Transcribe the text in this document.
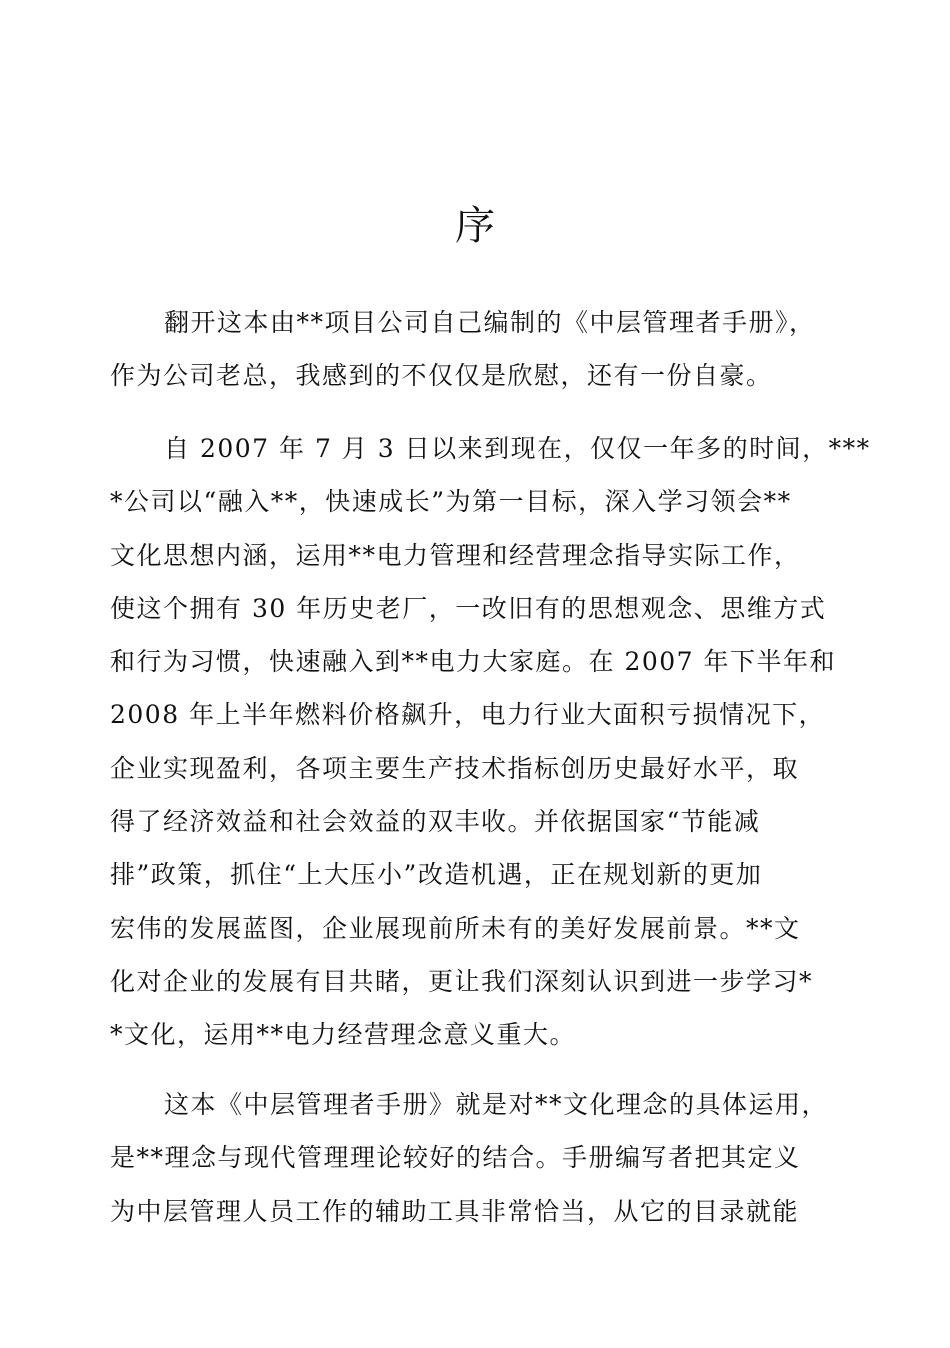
序
翻开这本由**项目公司自己编制的《中层管理者手册》，
作为公司老总，我感到的不仅仅是欣慰，还有一份自豪。
自 2007 年 7 月 3 日以来到现在，仅仅一年多的时间，***
*公司以“融入**，快速成长”为第一目标，深入学习领会**
文化思想内涵，运用**电力管理和经营理念指导实际工作，
使这个拥有 30 年历史老厂，一改旧有的思想观念、思维方式
和行为习惯，快速融入到**电力大家庭。在 2007 年下半年和
2008 年上半年燃料价格飙升，电力行业大面积亏损情况下，
企业实现盈利，各项主要生产技术指标创历史最好水平，取
得了经济效益和社会效益的双丰收。并依据国家“节能减
排”政策，抓住“上大压小”改造机遇，正在规划新的更加
宏伟的发展蓝图，企业展现前所未有的美好发展前景。**文
化对企业的发展有目共睹，更让我们深刻认识到进一步学习*
*文化，运用**电力经营理念意义重大。
这本《中层管理者手册》就是对**文化理念的具体运用，
是**理念与现代管理理论较好的结合。手册编写者把其定义
为中层管理人员工作的辅助工具非常恰当，从它的目录就能
